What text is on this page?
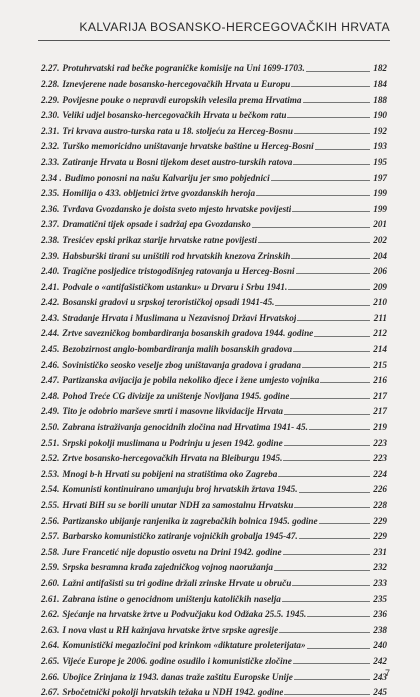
KALVARIJA BOSANSKO-HERCEGOVAČKIH HRVATA
2.27. Protuhrvatski rad bečke pograničke komisije na Uni 1699-1703.	182
2.28. Iznevjerene nade bosansko-hercegovačkih Hrvata u Europu	184
2.29. Povijesne pouke o nepravdi europskih velesila prema Hrvatima	188
2.30. Veliki udjel bosansko-hercegovačkih Hrvata u bečkom ratu	190
2.31. Tri krvava austro-turska rata u 18. stoljeću za Herceg-Bosnu	192
2.32. Turško memoricidno uništavanje hrvatske baštine u Herceg-Bosni	193
2.33. Zatiranje Hrvata u Bosni tijekom deset austro-turskih ratova	195
2.34 . Budimo ponosni na našu Kalvariju jer smo pobjednici	197
2.35. Homilija o 433. obljetnici žrtve gvozdanskih heroja	199
2.36. Tvrđava Gvozdansko je doista sveto mjesto hrvatske povijesti	199
2.37. Dramatični tijek opsade i sadržaj epa Gvozdansko	201
2.38. Tresićev epski prikaz starije hrvatske ratne povijesti	202
2.39. Habsburški tirani su uništili rod hrvatskih knezova Zrinskih	204
2.40. Tragične posljedice tristogodišnjeg ratovanja u Herceg-Bosni	206
2.41. Podvale o «antifašističkom ustanku» u Drvaru i Srbu 1941.	209
2.42. Bosanski gradovi u srpskoj terorističkoj opsadi 1941-45.	210
2.43. Stradanje Hrvata i Muslimana u Nezavisnoj Državi Hrvatskoj	211
2.44. Žrtve savezničkog bombardiranja bosanskih gradova 1944. godine	212
2.45. Bezobzirnost anglo-bombardiranja malih bosanskih gradova	214
2.46. Šovinističko seosko veselje zbog uništavanja gradova i gradana	215
2.47. Partizanska avijacija je pobila nekoliko djece i žene umjesto vojnika	216
2.48. Pohod Treće CG divizije za uništenje Novljana 1945. godine	217
2.49. Tito je odobrio marševe smrti i masovne likvidacije Hrvata	217
2.50. Zabrana istraživanja genocidnih zločina nad Hrvatima 1941- 45.	219
2.51. Srpski pokolji muslimana u Podrinju u jesen 1942. godine	223
2.52. Žrtve bosansko-hercegovačkih Hrvata na Bleiburgu 1945.	223
2.53. Mnogi b-h Hrvati su pobijeni na stratištima oko Zagreba	224
2.54. Komunisti kontinuirano umanjuju broj hrvatskih žrtava 1945.	226
2.55. Hrvati BiH su se borili unutar NDH za samostalnu Hrvatsku	228
2.56. Partizansko ubijanje ranjenika iz zagrebačkih bolnica 1945. godine	229
2.57. Barbarsko komunističko zatiranje vojničkih grobalja 1945-47.	229
2.58. Jure Francetić nije dopustio osvetu na Drini 1942. godine	231
2.59. Srpska besramna krađa zajedničkog vojnog naoružanja	232
2.60. Lažni antifašisti su tri godine držali zrinske Hrvate u obruču	233
2.61. Zabrana istine o genocidnom uništenju katoličkih naselja	235
2.62. Sjećanje na hrvatske žrtve u Podvučjaku kod Odžaka 25.5. 1945.	236
2.63. I nova vlast u RH kažnjava hrvatske žrtve srpske agresije	238
2.64. Komunistički megazločini pod krinkom «diktature proleterijata»	240
2.65. Vijeće Europe je 2006. godine osudilo i komunističke zločine	242
2.66. Ubojice Zrinjana iz 1943. danas traže zaštitu Europske Unije	243
2.67. Srbočetnički pokolji hrvatskih težaka u NDH 1942. godine	245
7
